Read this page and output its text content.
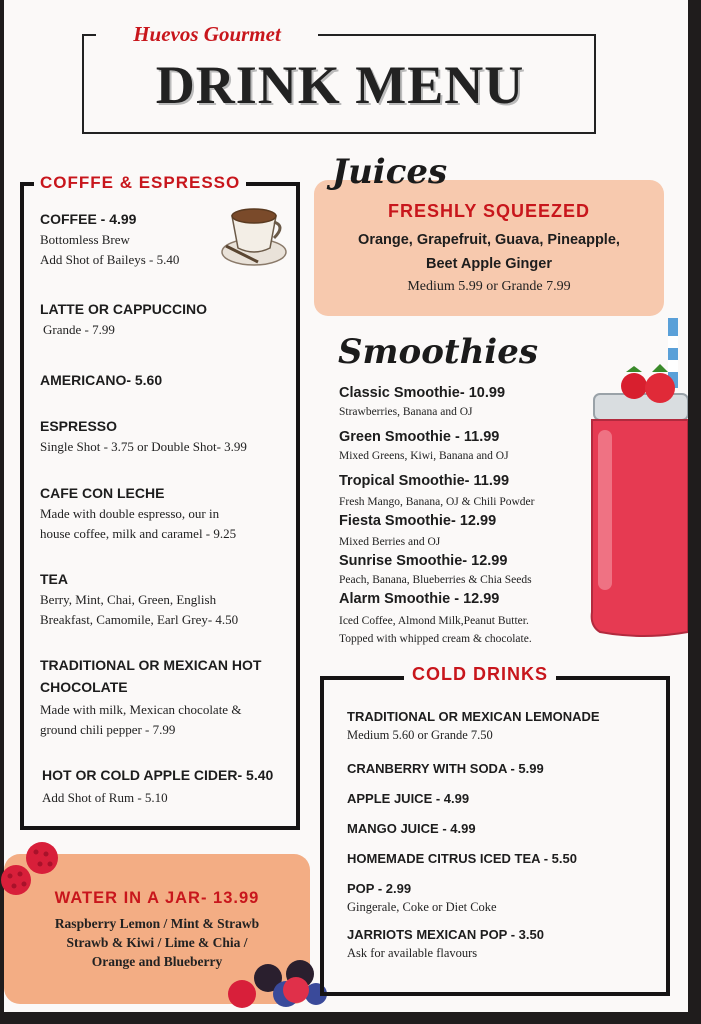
Huevos Gourmet
DRINK MENU
COFFFE & ESPRESSO
COFFEE - 4.99
Bottomless Brew
Add Shot of Baileys - 5.40
LATTE OR CAPPUCCINO
Grande - 7.99
AMERICANO- 5.60
ESPRESSO
Single Shot - 3.75 or Double Shot- 3.99
CAFE CON LECHE
Made with double espresso, our in
house coffee, milk and caramel - 9.25
TEA
Berry, Mint, Chai, Green, English
Breakfast, Camomile, Earl Grey- 4.50
TRADITIONAL OR MEXICAN HOT
CHOCOLATE
Made with milk, Mexican chocolate &
ground chili pepper - 7.99
HOT OR COLD APPLE CIDER- 5.40
Add Shot of Rum - 5.10
Juices
FRESHLY SQUEEZED
Orange, Grapefruit, Guava, Pineapple,
Beet Apple Ginger
Medium 5.99 or Grande 7.99
Smoothies
Classic Smoothie- 10.99
Strawberries, Banana and OJ
Green Smoothie - 11.99
Mixed Greens, Kiwi, Banana and OJ
Tropical Smoothie- 11.99
Fresh Mango, Banana, OJ & Chili Powder
Fiesta Smoothie- 12.99
Mixed Berries and OJ
Sunrise Smoothie- 12.99
Peach, Banana, Blueberries & Chia Seeds
Alarm Smoothie - 12.99
Iced Coffee, Almond Milk,Peanut Butter.
Topped with whipped cream & chocolate.
WATER IN A JAR- 13.99
Raspberry Lemon / Mint & Strawb
Strawb & Kiwi / Lime & Chia /
Orange and Blueberry
COLD DRINKS
TRADITIONAL OR MEXICAN LEMONADE
Medium 5.60 or Grande 7.50
CRANBERRY WITH SODA - 5.99
APPLE JUICE - 4.99
MANGO JUICE - 4.99
HOMEMADE CITRUS ICED TEA - 5.50
POP - 2.99
Gingerale, Coke or Diet Coke
JARRIOTS MEXICAN POP - 3.50
Ask for available flavours
